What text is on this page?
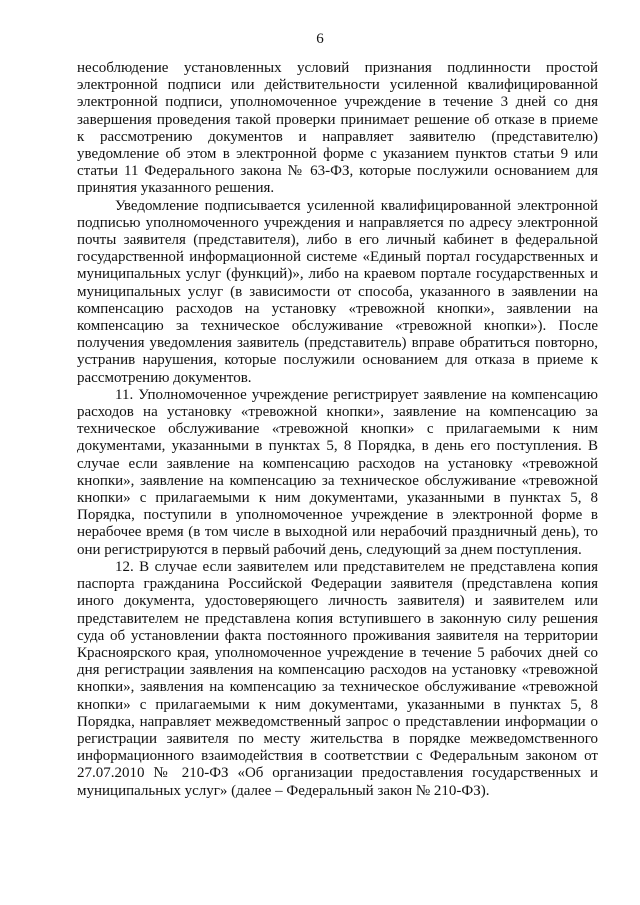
6

несоблюдение установленных условий признания подлинности простой электронной подписи или действительности усиленной квалифицированной электронной подписи, уполномоченное учреждение в течение 3 дней со дня завершения проведения такой проверки принимает решение об отказе в приеме к рассмотрению документов и направляет заявителю (представителю) уведомление об этом в электронной форме с указанием пунктов статьи 9 или статьи 11 Федерального закона № 63-ФЗ, которые послужили основанием для принятия указанного решения.

Уведомление подписывается усиленной квалифицированной электронной подписью уполномоченного учреждения и направляется по адресу электронной почты заявителя (представителя), либо в его личный кабинет в федеральной государственной информационной системе «Единый портал государственных и муниципальных услуг (функций)», либо на краевом портале государственных и муниципальных услуг (в зависимости от способа, указанного в заявлении на компенсацию расходов на установку «тревожной кнопки», заявлении на компенсацию за техническое обслуживание «тревожной кнопки»). После получения уведомления заявитель (представитель) вправе обратиться повторно, устранив нарушения, которые послужили основанием для отказа в приеме к рассмотрению документов.

11. Уполномоченное учреждение регистрирует заявление на компенсацию расходов на установку «тревожной кнопки», заявление на компенсацию за техническое обслуживание «тревожной кнопки» с прилагаемыми к ним документами, указанными в пунктах 5, 8 Порядка, в день его поступления. В случае если заявление на компенсацию расходов на установку «тревожной кнопки», заявление на компенсацию за техническое обслуживание «тревожной кнопки» с прилагаемыми к ним документами, указанными в пунктах 5, 8 Порядка, поступили в уполномоченное учреждение в электронной форме в нерабочее время (в том числе в выходной или нерабочий праздничный день), то они регистрируются в первый рабочий день, следующий за днем поступления.

12. В случае если заявителем или представителем не представлена копия паспорта гражданина Российской Федерации заявителя (представлена копия иного документа, удостоверяющего личность заявителя) и заявителем или представителем не представлена копия вступившего в законную силу решения суда об установлении факта постоянного проживания заявителя на территории Красноярского края, уполномоченное учреждение в течение 5 рабочих дней со дня регистрации заявления на компенсацию расходов на установку «тревожной кнопки», заявления на компенсацию за техническое обслуживание «тревожной кнопки» с прилагаемыми к ним документами, указанными в пунктах 5, 8 Порядка, направляет межведомственный запрос о представлении информации о регистрации заявителя по месту жительства в порядке межведомственного информационного взаимодействия в соответствии с Федеральным законом от 27.07.2010 № 210-ФЗ «Об организации предоставления государственных и муниципальных услуг» (далее – Федеральный закон № 210-ФЗ).
